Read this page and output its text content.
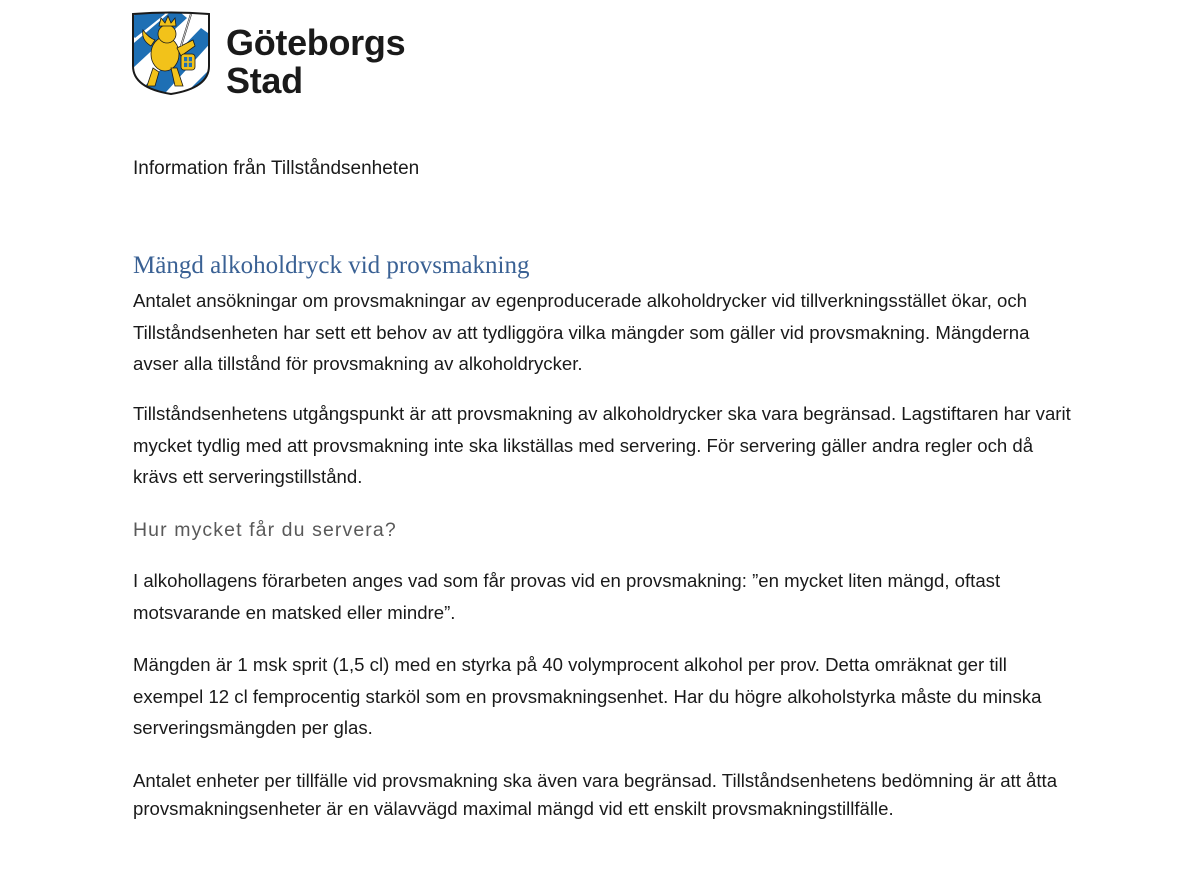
Göteborgs
Stad
Information från Tillståndsenheten
Mängd alkoholdryck vid provsmakning

Antalet ansökningar om provsmakningar av egenproducerade alkoholdrycker vid tillverkningsstället ökar, och Tillståndsenheten har sett ett behov av att tydliggöra vilka mängder som gäller vid provsmakning. Mängderna avser alla tillstånd för provsmakning av alkoholdrycker.

Tillståndsenhetens utgångspunkt är att provsmakning av alkoholdrycker ska vara begränsad. Lagstiftaren har varit mycket tydlig med att provsmakning inte ska likställas med servering. För servering gäller andra regler och då krävs ett serveringstillstånd.

Hur mycket får du servera?

I alkohollagens förarbeten anges vad som får provas vid en provsmakning: ”en mycket liten mängd, oftast motsvarande en matsked eller mindre”.

Mängden är 1 msk sprit (1,5 cl) med en styrka på 40 volymprocent alkohol per prov. Detta omräknat ger till exempel 12 cl femprocentig starköl som en provsmakningsenhet. Har du högre alkoholstyrka måste du minska serveringsmängden per glas.

Antalet enheter per tillfälle vid provsmakning ska även vara begränsad. Tillståndsenhetens bedömning är att åtta provsmakningsenheter är en välavvägd maximal mängd vid ett enskilt provsmakningstillfälle.
